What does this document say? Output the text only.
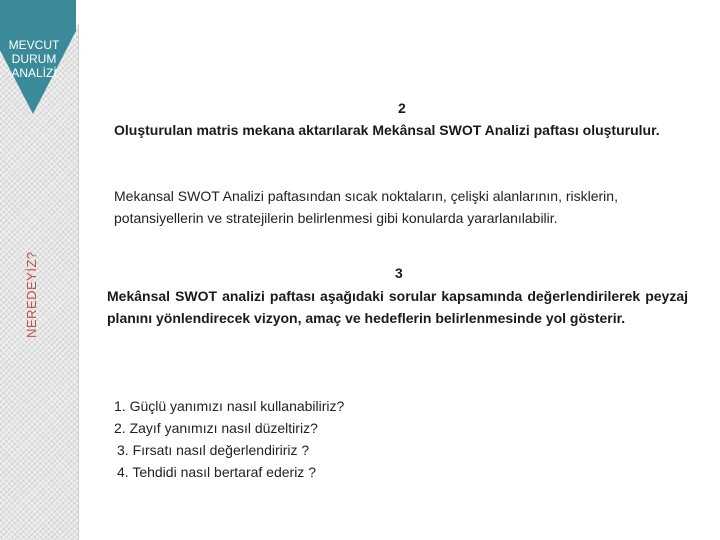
MEVCUT DURUM ANALİZİ
NEREDEYİZ?
2
Oluşturulan matris mekana aktarılarak Mekânsal SWOT Analizi paftası oluşturulur.
Mekansal SWOT Analizi paftasından sıcak noktaların, çelişki alanlarının, risklerin, potansiyellerin ve stratejilerin belirlenmesi gibi konularda yararlanılabilir.
3
Mekânsal SWOT analizi paftası aşağıdaki sorular kapsamında değerlendirilerek peyzaj planını yönlendirecek vizyon, amaç ve hedeflerin belirlenmesinde yol gösterir.
1. Güçlü yanımızı nasıl kullanabiliriz?
2. Zayıf yanımızı nasıl düzeltiriz?
3. Fırsatı nasıl değerlendiririz ?
4. Tehdidi nasıl bertaraf ederiz ?
